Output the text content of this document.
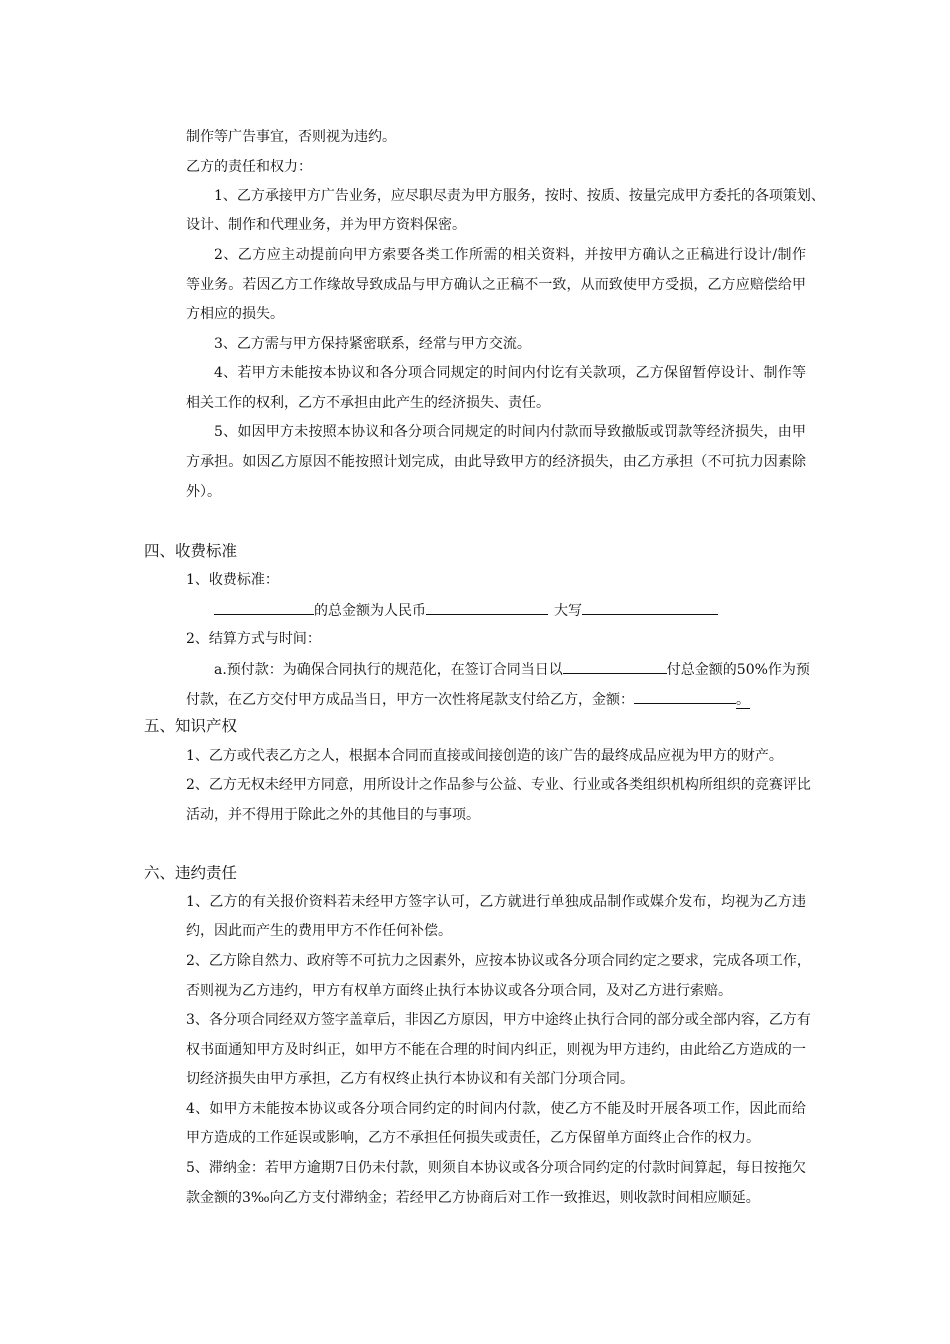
制作等广告事宜，否则视为违约。
乙方的责任和权力：
1、乙方承接甲方广告业务，应尽职尽责为甲方服务，按时、按质、按量完成甲方委托的各项策划、
设计、制作和代理业务，并为甲方资料保密。
2、乙方应主动提前向甲方索要各类工作所需的相关资料，并按甲方确认之正稿进行设计/制作
等业务。若因乙方工作缘故导致成品与甲方确认之正稿不一致，从而致使甲方受损，乙方应赔偿给甲
方相应的损失。
3、乙方需与甲方保持紧密联系，经常与甲方交流。
4、若甲方未能按本协议和各分项合同规定的时间内付讫有关款项，乙方保留暂停设计、制作等
相关工作的权利，乙方不承担由此产生的经济损失、责任。
5、如因甲方未按照本协议和各分项合同规定的时间内付款而导致撤版或罚款等经济损失，由甲
方承担。如因乙方原因不能按照计划完成，由此导致甲方的经济损失，由乙方承担（不可抗力因素除
外）。
四、收费标准
1、收费标准：
的总金额为人民币	大写
2、结算方式与时间：
a.预付款：为确保合同执行的规范化，在签订合同当日以	付总金额的50%作为预
付款，在乙方交付甲方成品当日，甲方一次性将尾款支付给乙方，金额：	。
五、知识产权
1、乙方或代表乙方之人，根据本合同而直接或间接创造的该广告的最终成品应视为甲方的财产。
2、乙方无权未经甲方同意，用所设计之作品参与公益、专业、行业或各类组织机构所组织的竞赛评比
活动，并不得用于除此之外的其他目的与事项。
六、违约责任
1、乙方的有关报价资料若未经甲方签字认可，乙方就进行单独成品制作或媒介发布，均视为乙方违
约，因此而产生的费用甲方不作任何补偿。
2、乙方除自然力、政府等不可抗力之因素外，应按本协议或各分项合同约定之要求，完成各项工作，
否则视为乙方违约，甲方有权单方面终止执行本协议或各分项合同，及对乙方进行索赔。
3、各分项合同经双方签字盖章后，非因乙方原因，甲方中途终止执行合同的部分或全部内容，乙方有
权书面通知甲方及时纠正，如甲方不能在合理的时间内纠正，则视为甲方违约，由此给乙方造成的一
切经济损失由甲方承担，乙方有权终止执行本协议和有关部门分项合同。
4、如甲方未能按本协议或各分项合同约定的时间内付款，使乙方不能及时开展各项工作，因此而给
甲方造成的工作延误或影响，乙方不承担任何损失或责任，乙方保留单方面终止合作的权力。
5、滞纳金：若甲方逾期7日仍未付款，则须自本协议或各分项合同约定的付款时间算起，每日按拖欠
款金额的3‰向乙方支付滞纳金；若经甲乙方协商后对工作一致推迟，则收款时间相应顺延。
